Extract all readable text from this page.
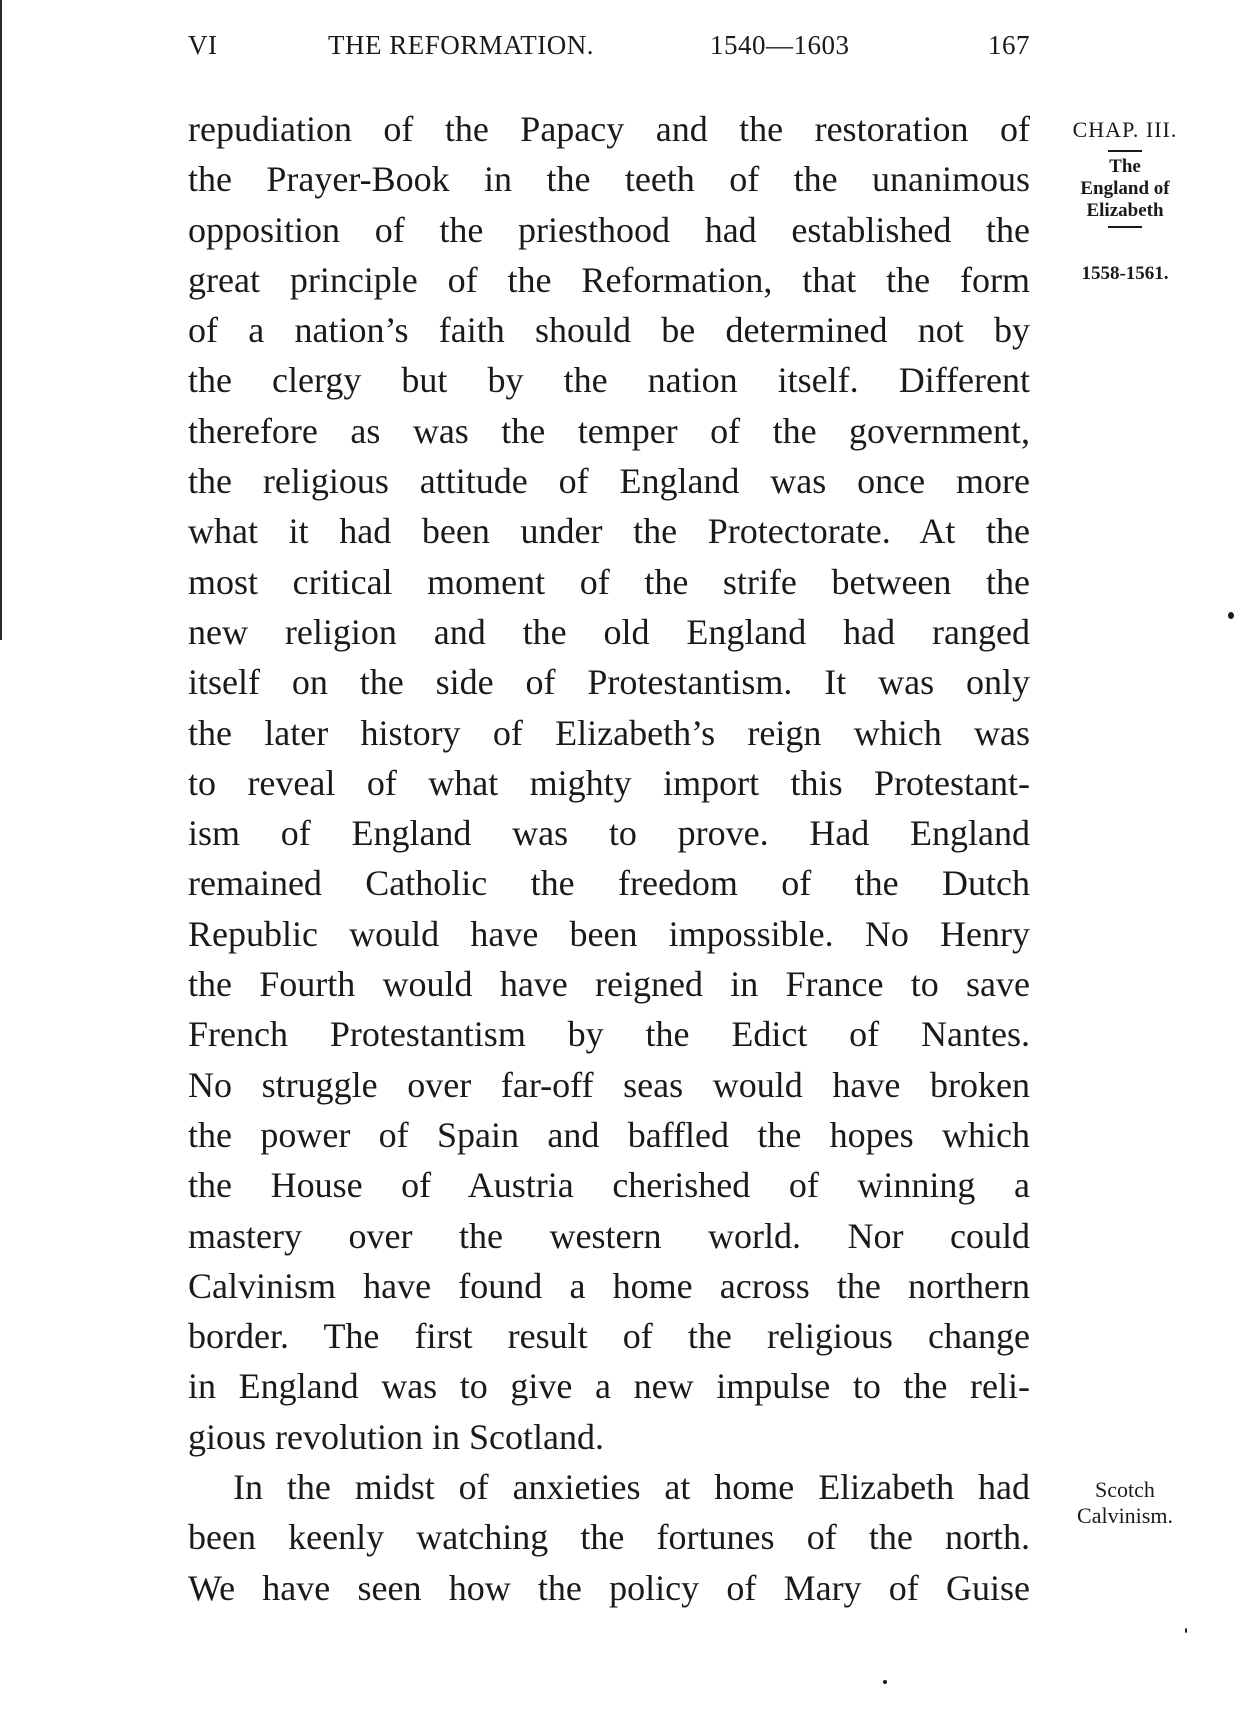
VI	THE REFORMATION.	1540—1603	167
repudiation of the Papacy and the restoration of
the Prayer-Book in the teeth of the unanimous
opposition of the priesthood had established the
great principle of the Reformation, that the form
of a nation’s faith should be determined not by
the clergy but by the nation itself. Different
therefore as was the temper of the government,
the religious attitude of England was once more
what it had been under the Protectorate. At the
most critical moment of the strife between the
new religion and the old England had ranged
itself on the side of Protestantism. It was only
the later history of Elizabeth’s reign which was
to reveal of what mighty import this Protestant-
ism of England was to prove. Had England
remained Catholic the freedom of the Dutch
Republic would have been impossible. No Henry
the Fourth would have reigned in France to save
French Protestantism by the Edict of Nantes.
No struggle over far-off seas would have broken
the power of Spain and baffled the hopes which
the House of Austria cherished of winning a
mastery over the western world. Nor could
Calvinism have found a home across the northern
border. The first result of the religious change
in England was to give a new impulse to the reli-
gious revolution in Scotland.
In the midst of anxieties at home Elizabeth had
been keenly watching the fortunes of the north.
We have seen how the policy of Mary of Guise
CHAP. III.
The
England of
Elizabeth
1558-1561.
Scotch
Calvinism.
